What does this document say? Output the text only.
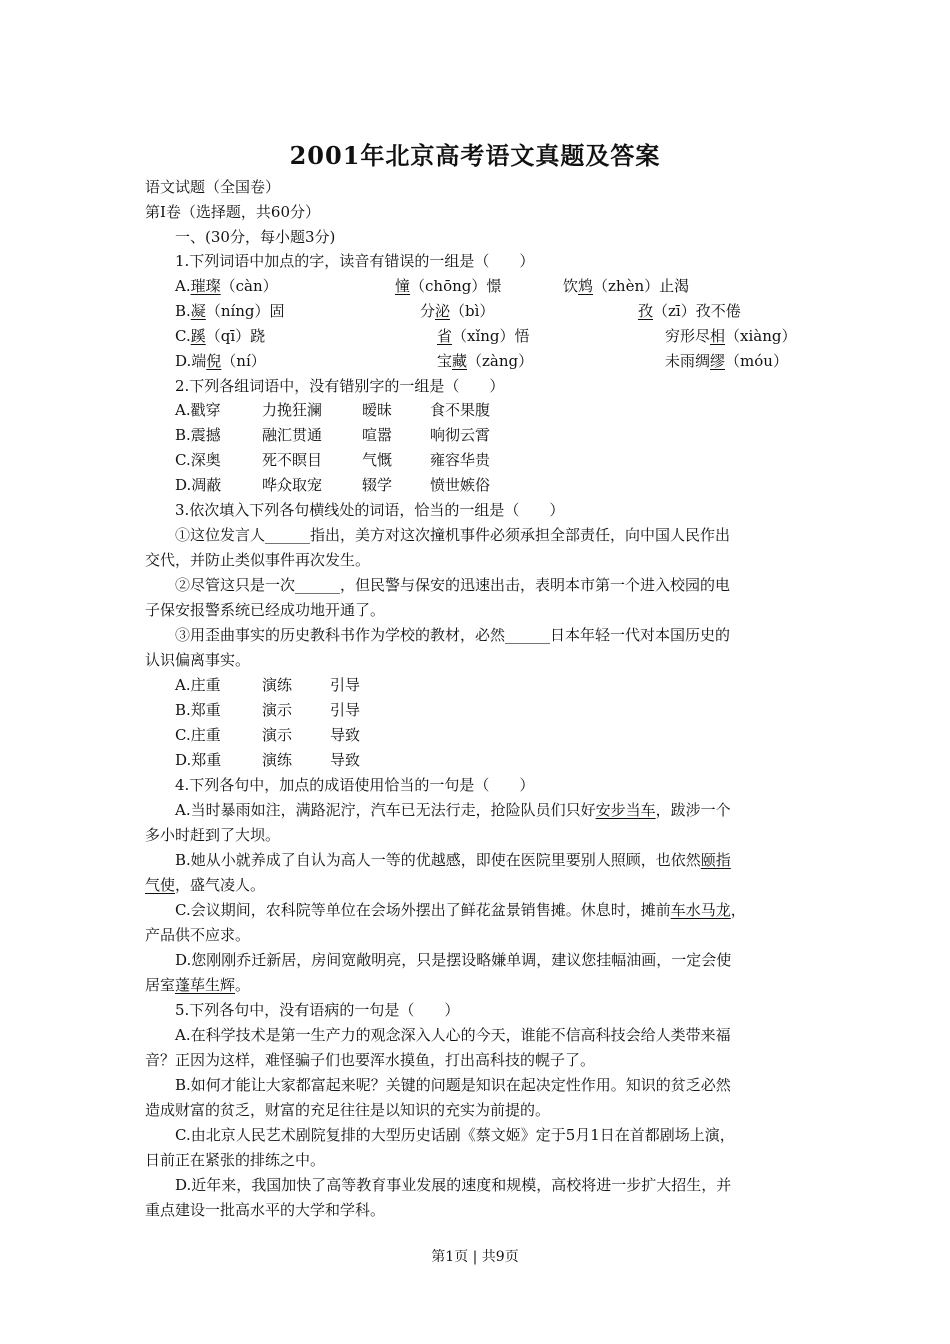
2001年北京高考语文真题及答案
语文试题（全国卷）
第Ⅰ卷（选择题，共60分）
一、(30分，每小题3分)
1.下列词语中加点的字，读音有错误的一组是（　　）
A.璀璨（càn）	憧（chōng）憬	饮鸩（zhèn）止渴
B.凝（níng）固	分泌（bì）	孜（zī）孜不倦
C.蹊（qī）跷	省（xǐng）悟	穷形尽相（xiàng）
D.端倪（ní）	宝藏（zàng）	未雨绸缪（móu）
2.下列各组词语中，没有错别字的一组是（　　）
A.戳穿	力挽狂澜	暧昧	食不果腹
B.震撼	融汇贯通	喧嚣	响彻云霄
C.深奥	死不瞑目	气慨	雍容华贵
D.凋蔽	哗众取宠	辍学	愤世嫉俗
3.依次填入下列各句横线处的词语，恰当的一组是（　　）
①这位发言人______指出，美方对这次撞机事件必须承担全部责任，向中国人民作出
交代，并防止类似事件再次发生。
②尽管这只是一次______，但民警与保安的迅速出击，表明本市第一个进入校园的电
子保安报警系统已经成功地开通了。
③用歪曲事实的历史教科书作为学校的教材，必然______日本年轻一代对本国历史的
认识偏离事实。
A.庄重	演练	引导
B.郑重	演示	引导
C.庄重	演示	导致
D.郑重	演练	导致
4.下列各句中，加点的成语使用恰当的一句是（　　）
A.当时暴雨如注，满路泥泞，汽车已无法行走，抢险队员们只好安步当车，跋涉一个
多小时赶到了大坝。
B.她从小就养成了自认为高人一等的优越感，即使在医院里要别人照顾，也依然颐指
气使，盛气凌人。
C.会议期间，农科院等单位在会场外摆出了鲜花盆景销售摊。休息时，摊前车水马龙，
产品供不应求。
D.您刚刚乔迁新居，房间宽敞明亮，只是摆设略嫌单调，建议您挂幅油画，一定会使
居室蓬荜生辉。
5.下列各句中，没有语病的一句是（　　）
A.在科学技术是第一生产力的观念深入人心的今天，谁能不信高科技会给人类带来福
音？正因为这样，难怪骗子们也要浑水摸鱼，打出高科技的幌子了。
B.如何才能让大家都富起来呢？关键的问题是知识在起决定性作用。知识的贫乏必然
造成财富的贫乏，财富的充足往往是以知识的充实为前提的。
C.由北京人民艺术剧院复排的大型历史话剧《蔡文姬》定于5月1日在首都剧场上演，
日前正在紧张的排练之中。
D.近年来，我国加快了高等教育事业发展的速度和规模，高校将进一步扩大招生，并
重点建设一批高水平的大学和学科。
第1页 | 共9页
